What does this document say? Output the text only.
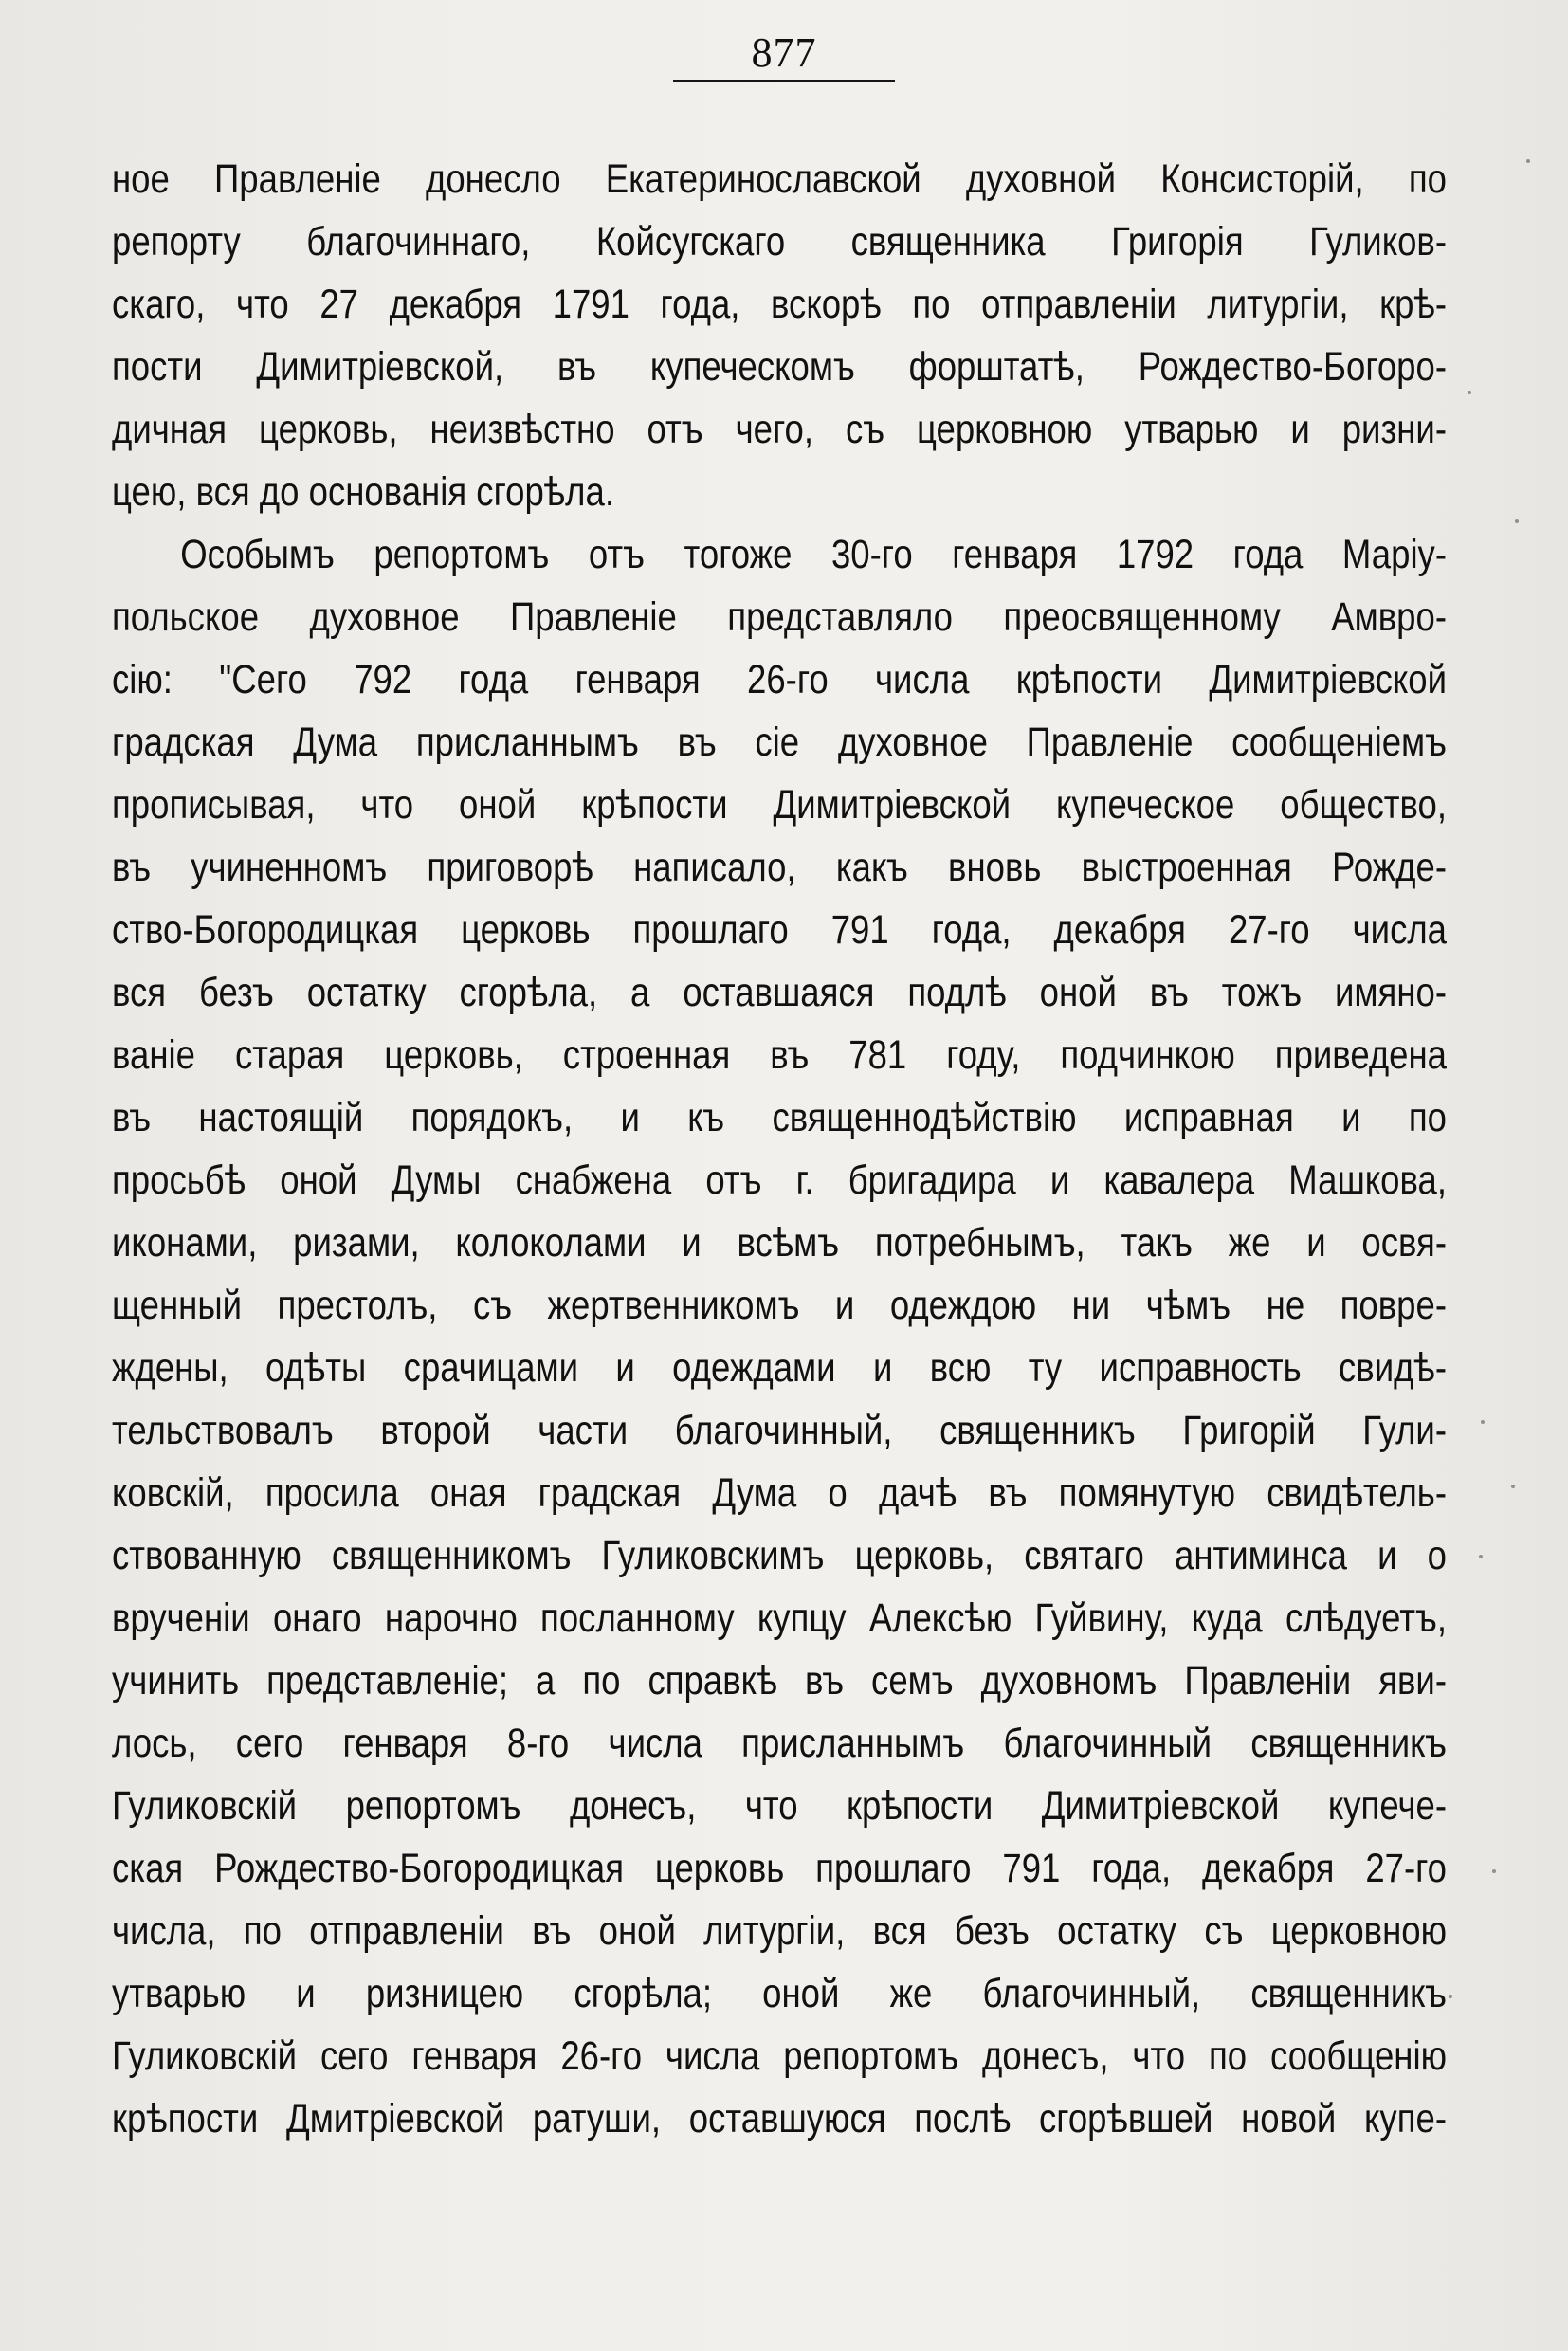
877
ное Правленіе донесло Екатеринославской духовной Консисторій, по
репорту благочиннаго, Койсугскаго священника Григорія Гуликов-
скаго, что 27 декабря 1791 года, вскорѣ по отправленіи литургіи, крѣ-
пости Димитріевской, въ купеческомъ форштатѣ, Рождество-Богоро-
дичная церковь, неизвѣстно отъ чего, съ церковною утварью и ризни-
цею, вся до основанія сгорѣла.
Особымъ репортомъ отъ тогоже 30-го генваря 1792 года Маріу-
польское духовное Правленіе представляло преосвященному Амвро-
сію: "Сего 792 года генваря 26-го числа крѣпости Димитріевской
градская Дума присланнымъ въ сіе духовное Правленіе сообщеніемъ
прописывая, что оной крѣпости Димитріевской купеческое общество,
въ учиненномъ приговорѣ написало, какъ вновь выстроенная Рожде-
ство-Богородицкая церковь прошлаго 791 года, декабря 27-го числа
вся безъ остатку сгорѣла, а оставшаяся подлѣ оной въ тожъ имяно-
ваніе старая церковь, строенная въ 781 году, подчинкою приведена
въ настоящій порядокъ, и къ священнодѣйствію исправная и по
просьбѣ оной Думы снабжена отъ г. бригадира и кавалера Машкова,
иконами, ризами, колоколами и всѣмъ потребнымъ, такъ же и освя-
щенный престолъ, съ жертвенникомъ и одеждою ни чѣмъ не повре-
ждены, одѣты срачицами и одеждами и всю ту исправность свидѣ-
тельствовалъ второй части благочинный, священникъ Григорій Гули-
ковскій, просила оная градская Дума о дачѣ въ помянутую свидѣтель-
ствованную священникомъ Гуликовскимъ церковь, святаго антиминса и о
врученіи онаго нарочно посланному купцу Алексѣю Гуйвину, куда слѣдуетъ,
учинить представленіе; а по справкѣ въ семъ духовномъ Правленіи яви-
лось, сего генваря 8-го числа присланнымъ благочинный священникъ
Гуликовскій репортомъ донесъ, что крѣпости Димитріевской купече-
ская Рождество-Богородицкая церковь прошлаго 791 года, декабря 27-го
числа, по отправленіи въ оной литургіи, вся безъ остатку съ церковною
утварью и ризницею сгорѣла; оной же благочинный, священникъ
Гуликовскій сего генваря 26-го числа репортомъ донесъ, что по сообщенію
крѣпости Дмитріевской ратуши, оставшуюся послѣ сгорѣвшей новой купе-
